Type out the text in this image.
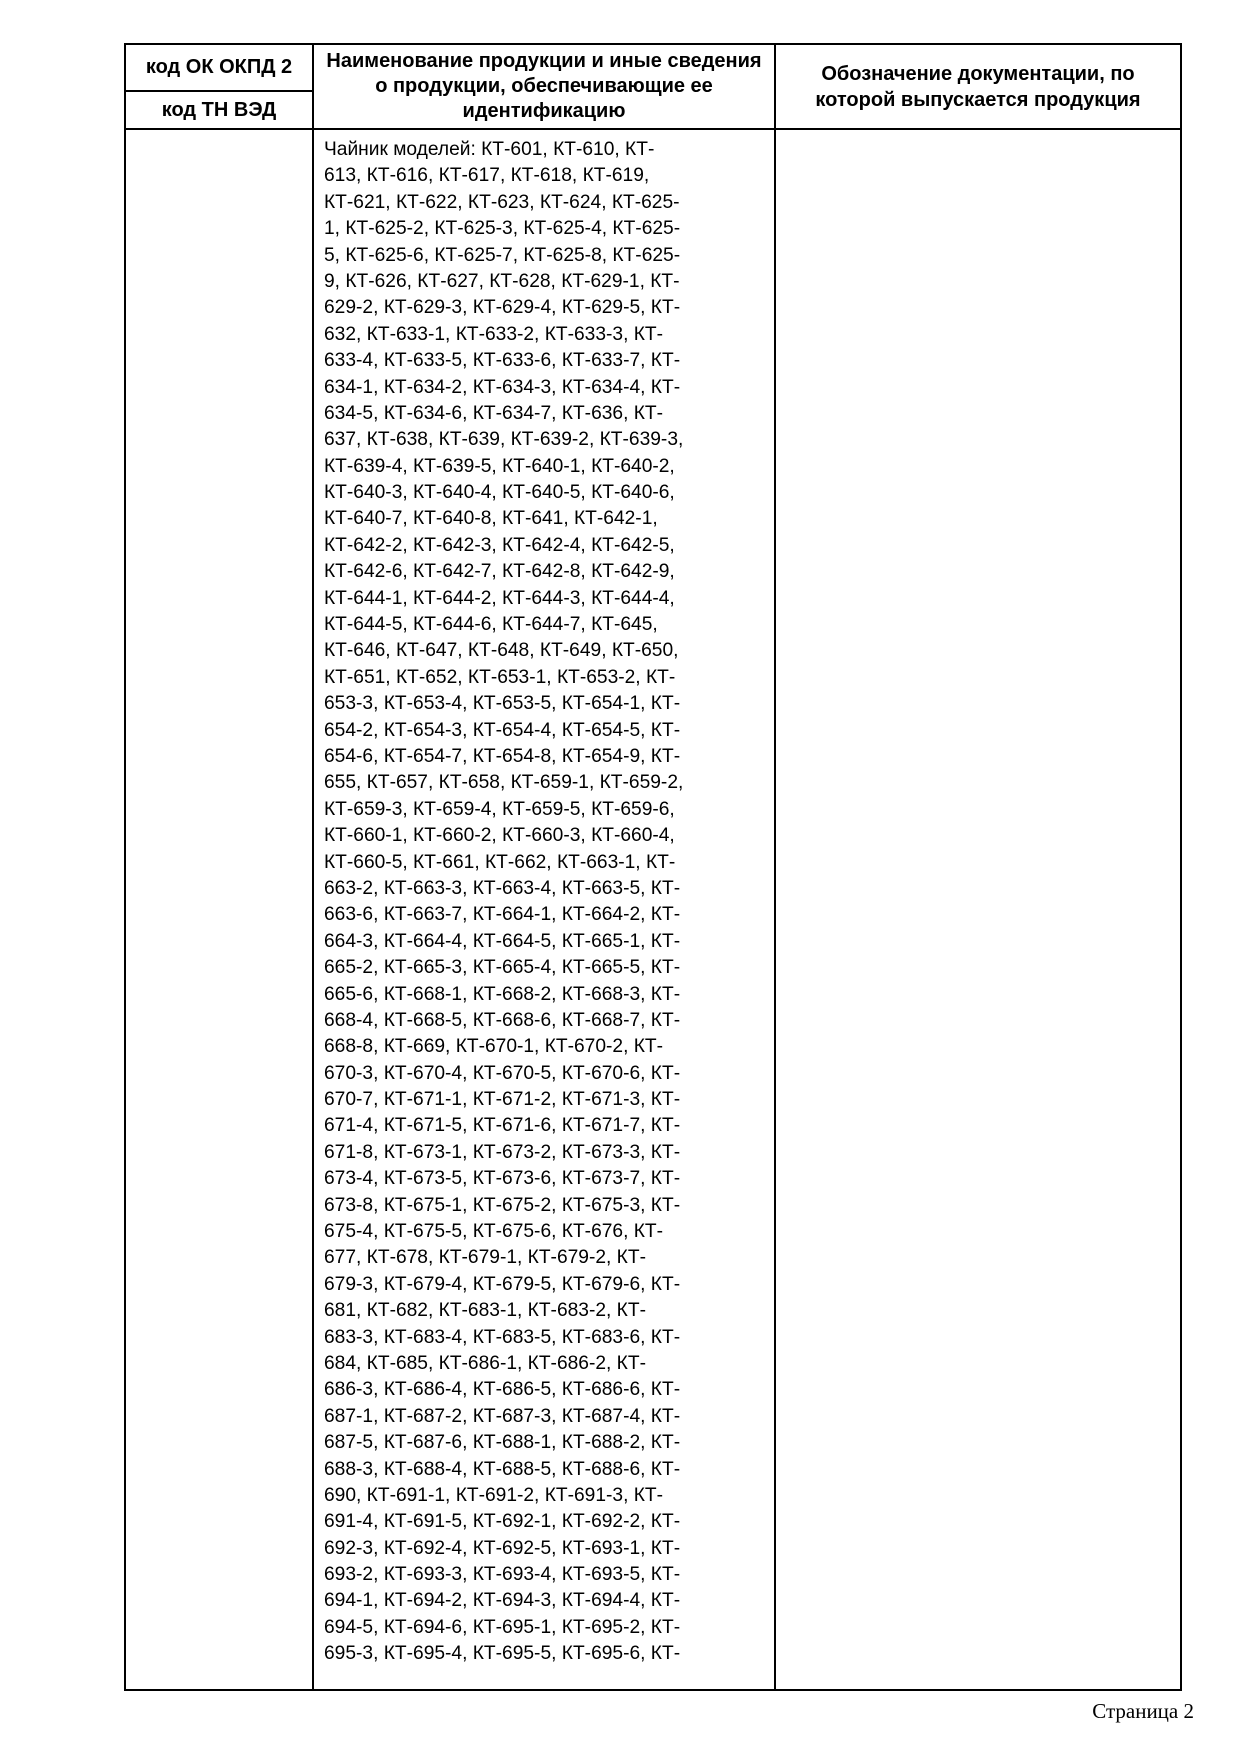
код ОК ОКПД 2
код ТН ВЭД
Наименование продукции и иные сведения о продукции, обеспечивающие ее идентификацию
Обозначение документации, по которой выпускается продукция
Чайник моделей: КТ-601, КТ-610, КТ-
613, КТ-616, КТ-617, КТ-618, КТ-619,
КТ-621, КТ-622, КТ-623, КТ-624, КТ-625-
1, КТ-625-2, КТ-625-3, КТ-625-4, КТ-625-
5, КТ-625-6, КТ-625-7, КТ-625-8, КТ-625-
9, КТ-626, КТ-627, КТ-628, КТ-629-1, КТ-
629-2, КТ-629-3, КТ-629-4, КТ-629-5, КТ-
632, КТ-633-1, КТ-633-2, КТ-633-3, КТ-
633-4, КТ-633-5, КТ-633-6, КТ-633-7, КТ-
634-1, КТ-634-2, КТ-634-3, КТ-634-4, КТ-
634-5, КТ-634-6, КТ-634-7, КТ-636, КТ-
637, КТ-638, КТ-639, КТ-639-2, КТ-639-3,
КТ-639-4, КТ-639-5, КТ-640-1, КТ-640-2,
КТ-640-3, КТ-640-4, КТ-640-5, КТ-640-6,
КТ-640-7, КТ-640-8, КТ-641, КТ-642-1,
КТ-642-2, КТ-642-3, КТ-642-4, КТ-642-5,
КТ-642-6, КТ-642-7, КТ-642-8, КТ-642-9,
КТ-644-1, КТ-644-2, КТ-644-3, КТ-644-4,
КТ-644-5, КТ-644-6, КТ-644-7, КТ-645,
КТ-646, КТ-647, КТ-648, КТ-649, КТ-650,
КТ-651, КТ-652, КТ-653-1, КТ-653-2, КТ-
653-3, КТ-653-4, КТ-653-5, КТ-654-1, КТ-
654-2, КТ-654-3, КТ-654-4, КТ-654-5, КТ-
654-6, КТ-654-7, КТ-654-8, КТ-654-9, КТ-
655, КТ-657, КТ-658, КТ-659-1, КТ-659-2,
КТ-659-3, КТ-659-4, КТ-659-5, КТ-659-6,
КТ-660-1, КТ-660-2, КТ-660-3, КТ-660-4,
КТ-660-5, КТ-661, КТ-662, КТ-663-1, КТ-
663-2, КТ-663-3, КТ-663-4, КТ-663-5, КТ-
663-6, КТ-663-7, КТ-664-1, КТ-664-2, КТ-
664-3, КТ-664-4, КТ-664-5, КТ-665-1, КТ-
665-2, КТ-665-3, КТ-665-4, КТ-665-5, КТ-
665-6, КТ-668-1, КТ-668-2, КТ-668-3, КТ-
668-4, КТ-668-5, КТ-668-6, КТ-668-7, КТ-
668-8, КТ-669, КТ-670-1, КТ-670-2, КТ-
670-3, КТ-670-4, КТ-670-5, КТ-670-6, КТ-
670-7, КТ-671-1, КТ-671-2, КТ-671-3, КТ-
671-4, КТ-671-5, КТ-671-6, КТ-671-7, КТ-
671-8, КТ-673-1, КТ-673-2, КТ-673-3, КТ-
673-4, КТ-673-5, КТ-673-6, КТ-673-7, КТ-
673-8, КТ-675-1, КТ-675-2, КТ-675-3, КТ-
675-4, КТ-675-5, КТ-675-6, КТ-676, КТ-
677, КТ-678, КТ-679-1, КТ-679-2, КТ-
679-3, КТ-679-4, КТ-679-5, КТ-679-6, КТ-
681, КТ-682, КТ-683-1, КТ-683-2, КТ-
683-3, КТ-683-4, КТ-683-5, КТ-683-6, КТ-
684, КТ-685, КТ-686-1, КТ-686-2, КТ-
686-3, КТ-686-4, КТ-686-5, КТ-686-6, КТ-
687-1, КТ-687-2, КТ-687-3, КТ-687-4, КТ-
687-5, КТ-687-6, КТ-688-1, КТ-688-2, КТ-
688-3, КТ-688-4, КТ-688-5, КТ-688-6, КТ-
690, КТ-691-1, КТ-691-2, КТ-691-3, КТ-
691-4, КТ-691-5, КТ-692-1, КТ-692-2, КТ-
692-3, КТ-692-4, КТ-692-5, КТ-693-1, КТ-
693-2, КТ-693-3, КТ-693-4, КТ-693-5, КТ-
694-1, КТ-694-2, КТ-694-3, КТ-694-4, КТ-
694-5, КТ-694-6, КТ-695-1, КТ-695-2, КТ-
695-3, КТ-695-4, КТ-695-5, КТ-695-6, КТ-
Страница 2
